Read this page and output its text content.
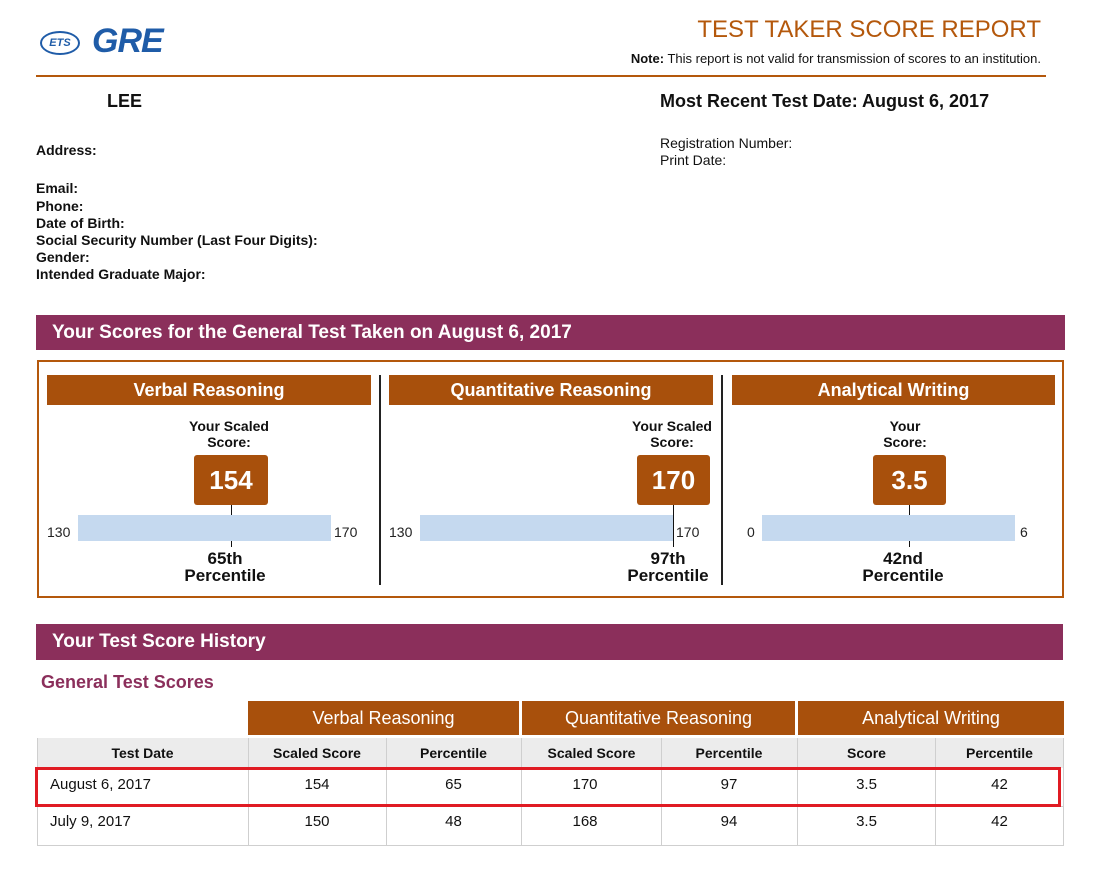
ETS GRE	TEST TAKER SCORE REPORT
Note: This report is not valid for transmission of scores to an institution.
LEE	Most Recent Test Date: August 6, 2017
Registration Number:
Print Date:
Address:
Email:
Phone:
Date of Birth:
Social Security Number (Last Four Digits):
Gender:
Intended Graduate Major:
Your Scores for the General Test Taken on August 6, 2017
Verbal Reasoning
Your Scaled
Score:
154
130	170
65th
Percentile
Quantitative Reasoning
Your Scaled
Score:
170
130	170
97th
Percentile
Analytical Writing
Your
Score:
3.5
0	6
42nd
Percentile
Your Test Score History
General Test Scores
Verbal Reasoning	Quantitative Reasoning	Analytical Writing
Test Date	Scaled Score	Percentile	Scaled Score	Percentile	Score	Percentile
August 6, 2017	154	65	170	97	3.5	42
July 9, 2017	150	48	168	94	3.5	42
